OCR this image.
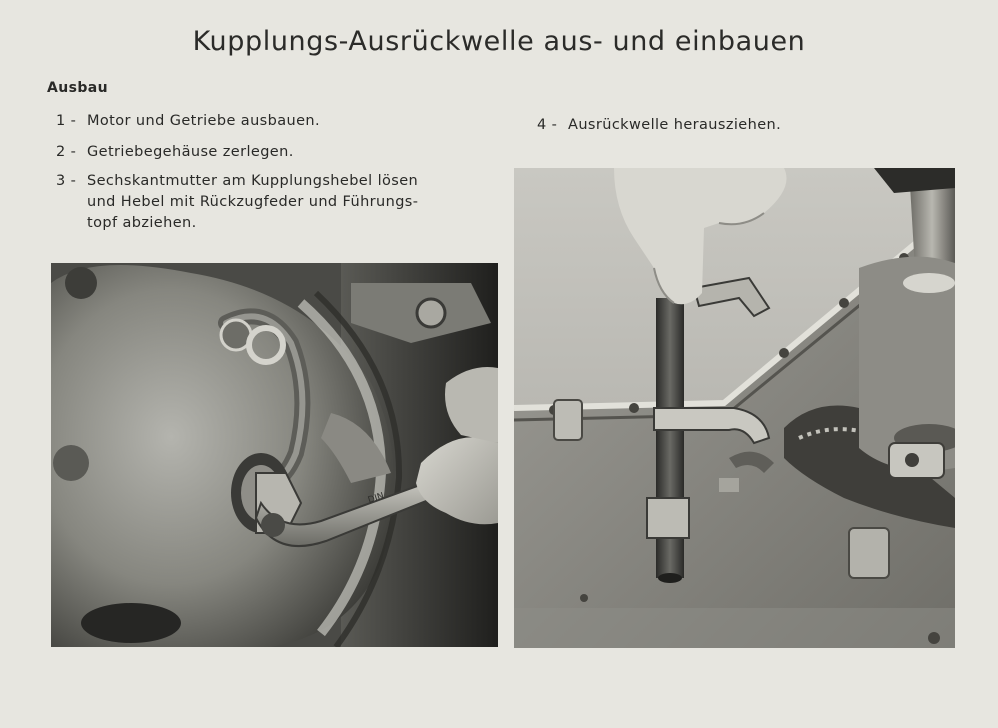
Kupplungs-Ausrückwelle aus- und einbauen
Ausbau
1 - Motor und Getriebe ausbauen.
2 - Getriebegehäuse zerlegen.
3 - Sechskantmutter am Kupplungshebel lösen
und Hebel mit Rückzugfeder und Führungs-
topf abziehen.
4 - Ausrückwelle herausziehen.
DIN
